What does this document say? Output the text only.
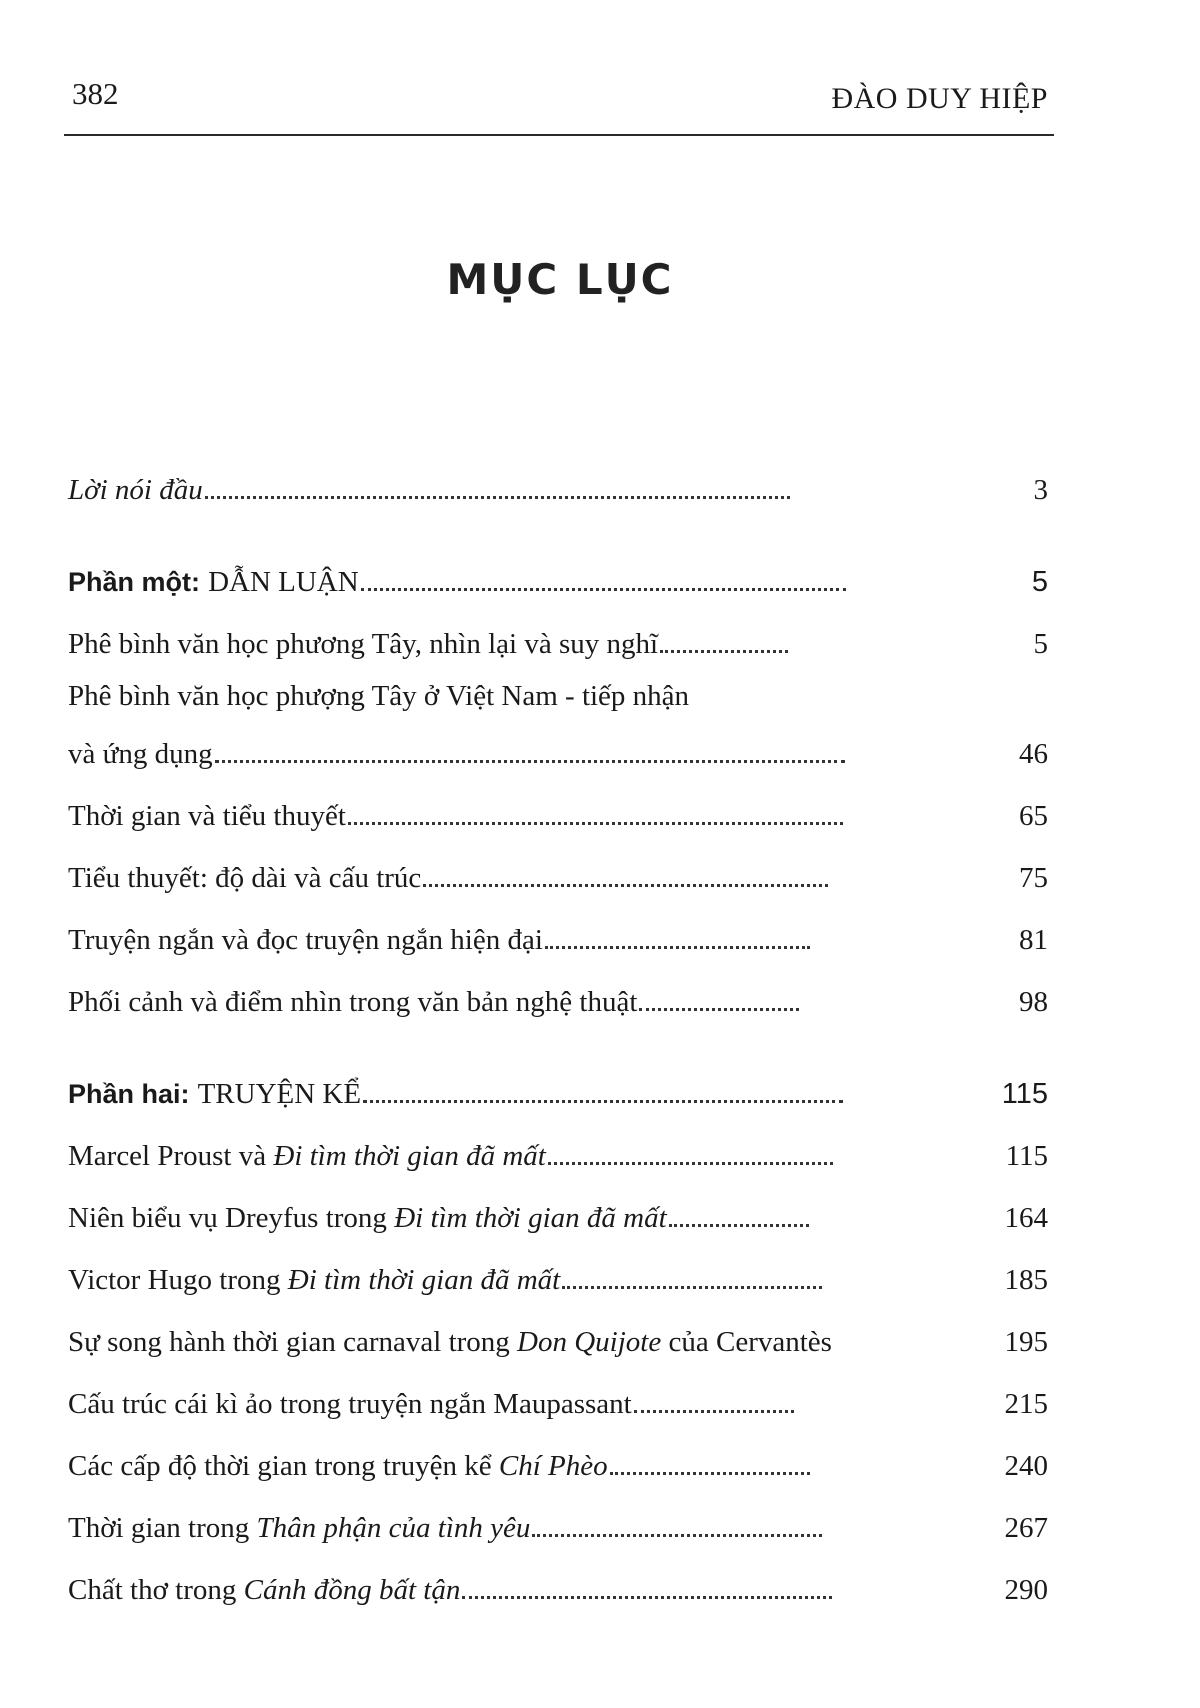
382	ĐÀO DUY HIỆP
MỤC LỤC
Lời nói đầu	3
Phần một: DẪN LUẬN	5
Phê bình văn học phương Tây, nhìn lại và suy nghĩ	5
Phê bình văn học phượng Tây ở Việt Nam - tiếp nhận
và ứng dụng	46
Thời gian và tiểu thuyết	65
Tiểu thuyết: độ dài và cấu trúc	75
Truyện ngắn và đọc truyện ngắn hiện đại	81
Phối cảnh và điểm nhìn trong văn bản nghệ thuật	98
Phần hai: TRUYỆN KỂ	115
Marcel Proust và Đi tìm thời gian đã mất	115
Niên biểu vụ Dreyfus trong Đi tìm thời gian đã mất	164
Victor Hugo trong Đi tìm thời gian đã mất	185
Sự song hành thời gian carnaval trong Don Quijote của Cervantès	195
Cấu trúc cái kì ảo trong truyện ngắn Maupassant	215
Các cấp độ thời gian trong truyện kể Chí Phèo	240
Thời gian trong Thân phận của tình yêu	267
Chất thơ trong Cánh đồng bất tận	290
